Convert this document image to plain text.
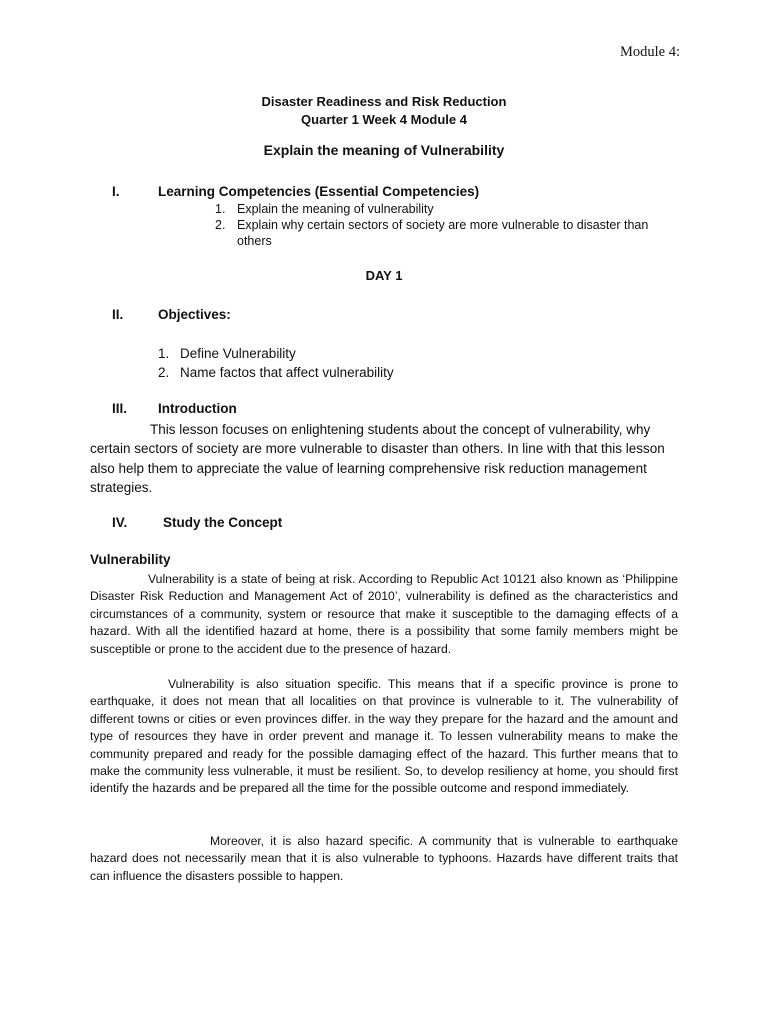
Module 4:
Disaster Readiness and Risk Reduction
Quarter 1 Week 4 Module 4
Explain the meaning of Vulnerability
I.	Learning Competencies (Essential Competencies)
1. Explain the meaning of vulnerability
2. Explain why certain sectors of society are more vulnerable to disaster than others
DAY 1
II.	Objectives:
1. Define Vulnerability
2. Name factos that affect vulnerability
III. Introduction
This lesson focuses on enlightening students about the concept of vulnerability, why certain sectors of society are more vulnerable to disaster than others. In line with that this lesson also help them to appreciate the value of learning comprehensive risk reduction management strategies.
IV.	Study the Concept
Vulnerability
Vulnerability is a state of being at risk. According to Republic Act 10121 also known as ‘Philippine Disaster Risk Reduction and Management Act of 2010’, vulnerability is defined as the characteristics and circumstances of a community, system or resource that make it susceptible to the damaging effects of a hazard. With all the identified hazard at home, there is a possibility that some family members might be susceptible or prone to the accident due to the presence of hazard.
Vulnerability is also situation specific. This means that if a specific province is prone to earthquake, it does not mean that all localities on that province is vulnerable to it. The vulnerability of different towns or cities or even provinces differ. in the way they prepare for the hazard and the amount and type of resources they have in order prevent and manage it. To lessen vulnerability means to make the community prepared and ready for the possible damaging effect of the hazard. This further means that to make the community less vulnerable, it must be resilient. So, to develop resiliency at home, you should first identify the hazards and be prepared all the time for the possible outcome and respond immediately.
Moreover, it is also hazard specific. A community that is vulnerable to earthquake hazard does not necessarily mean that it is also vulnerable to typhoons. Hazards have different traits that can influence the disasters possible to happen.
